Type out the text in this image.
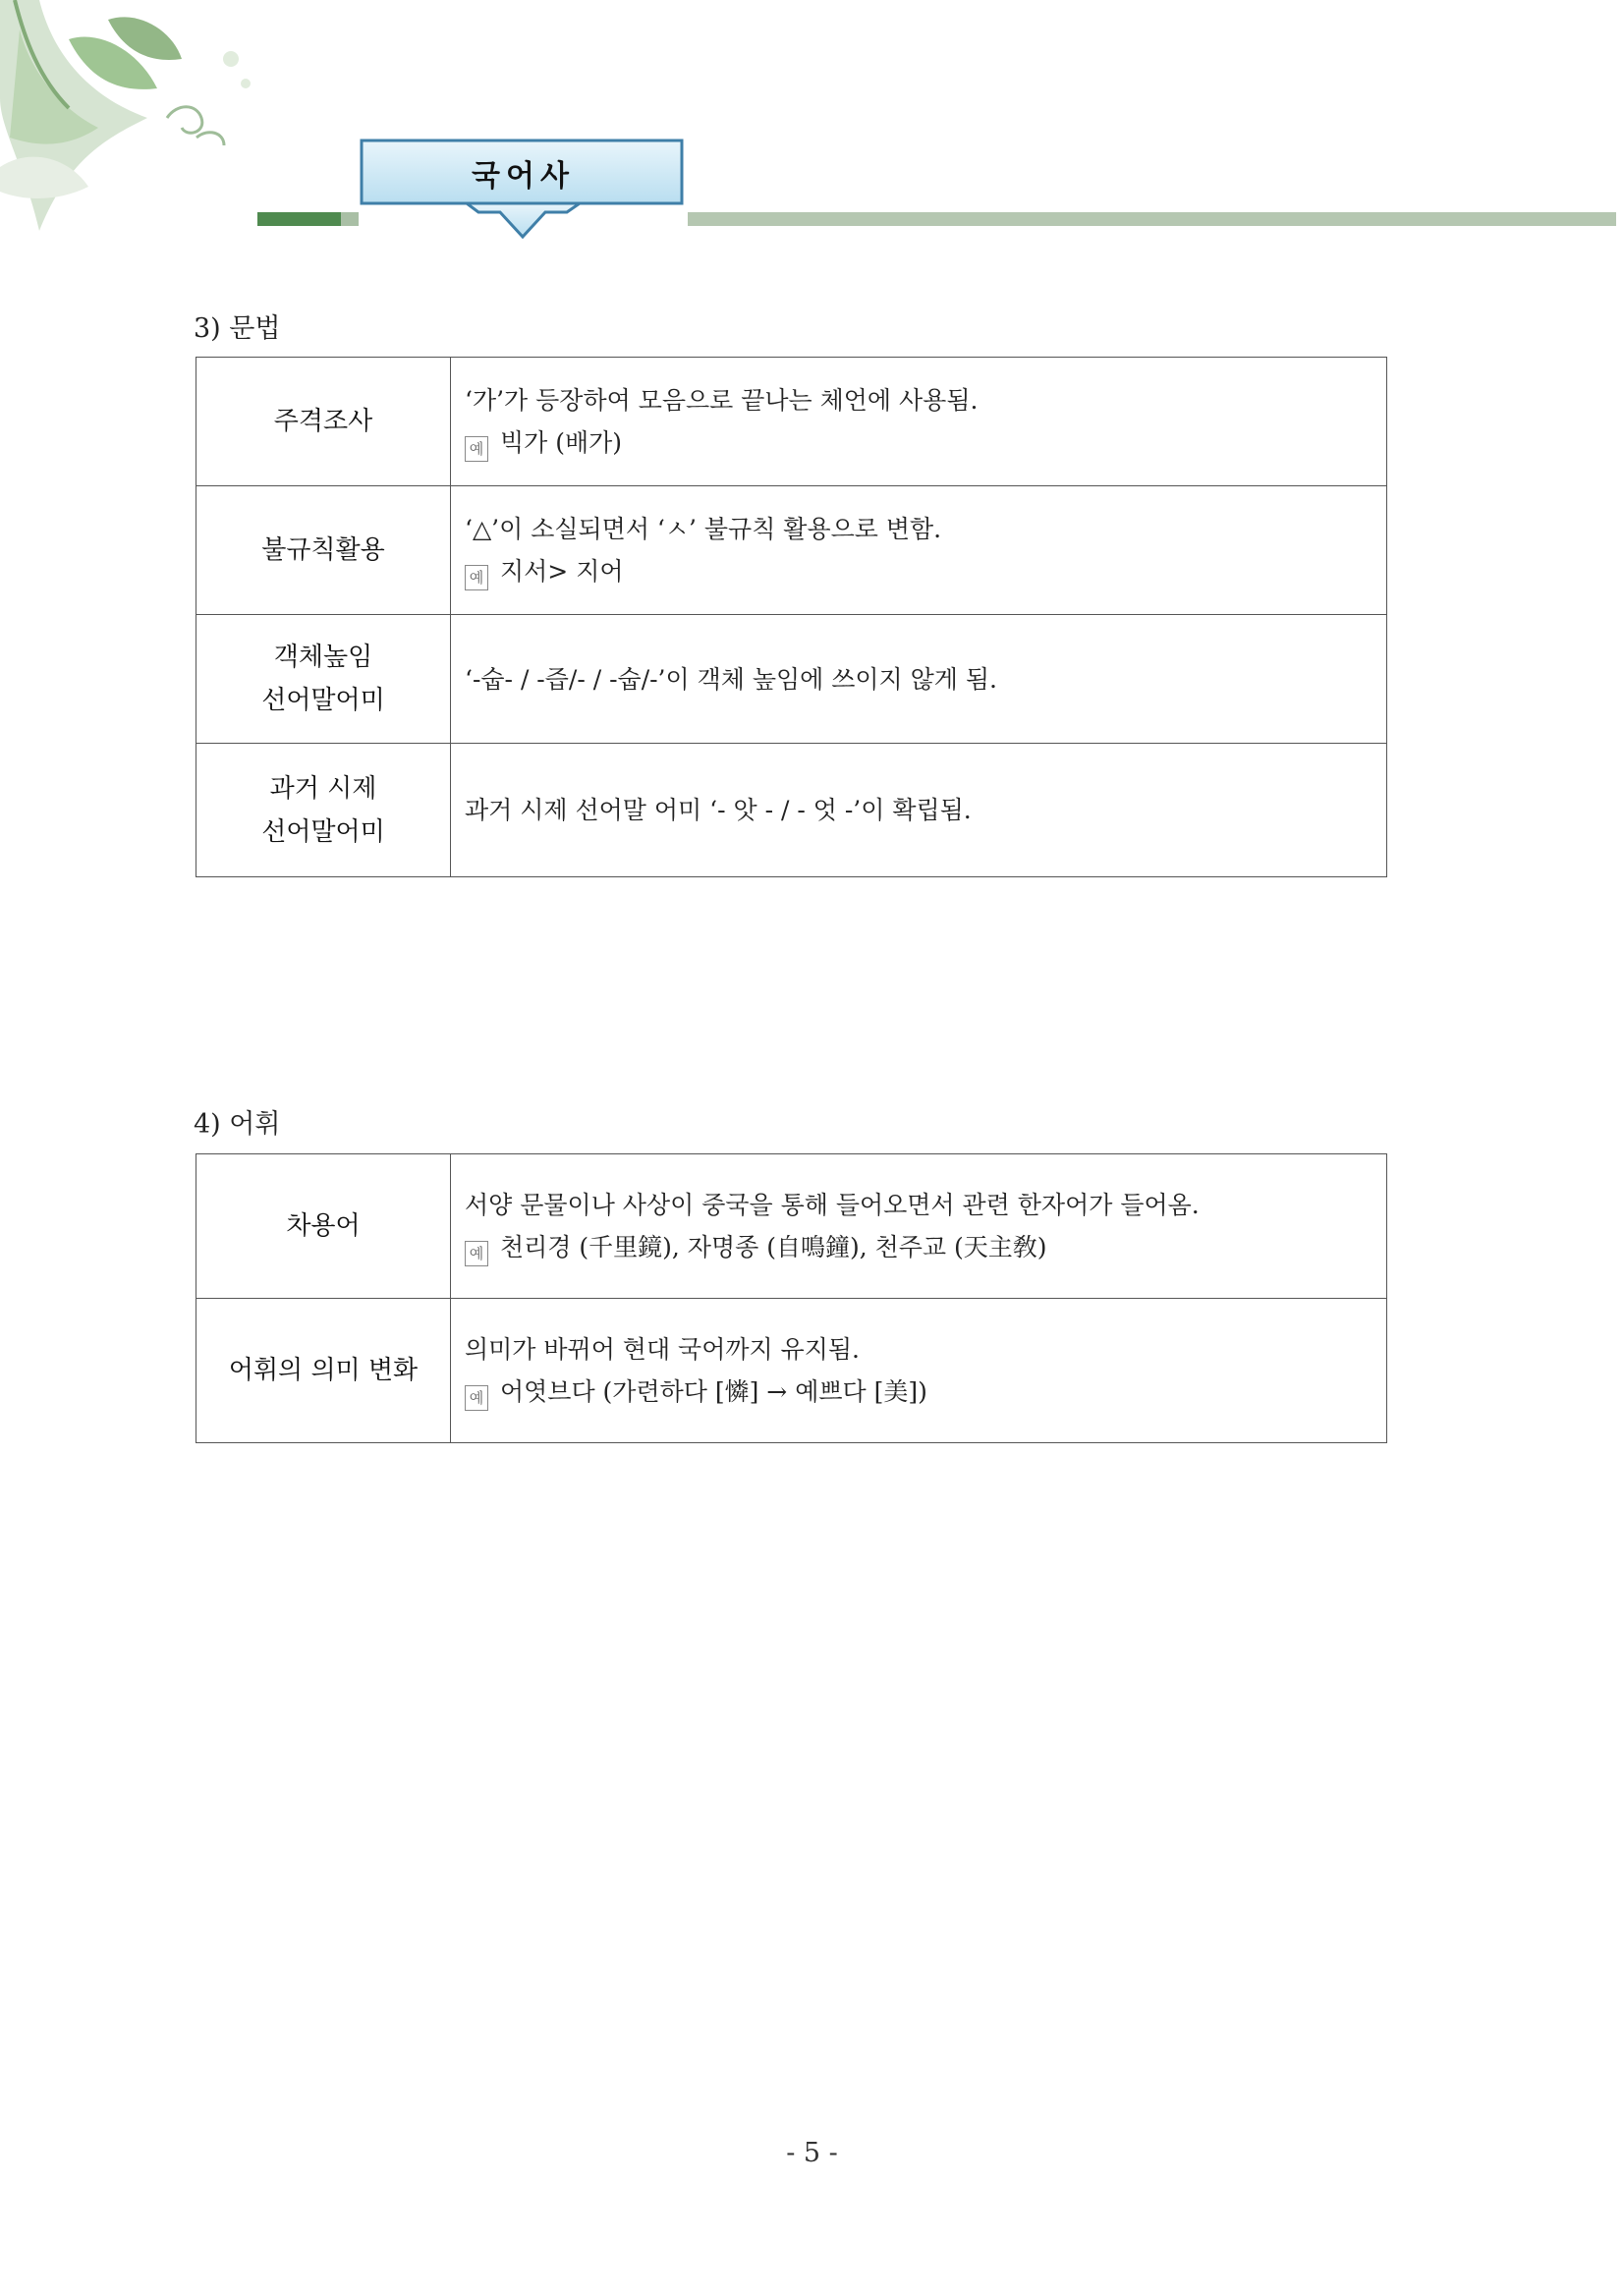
국어사
3) 문법
주격조사	‘가’가 등장하여 모음으로 끝나는 체언에 사용됨.
예 빅가 (배가)

불규칙활용	‘△’이 소실되면서 ‘ㅅ’ 불규칙 활용으로 변함.
예 지서> 지어

객체높임
선어말어미	‘-숩- / -즙/- / -숩/-’이 객체 높임에 쓰이지 않게 됨.

과거 시제
선어말어미	과거 시제 선어말 어미 ‘- 앗 - / - 엇 -’이 확립됨.
4) 어휘
차용어	서양 문물이나 사상이 중국을 통해 들어오면서 관련 한자어가 들어옴.
예 천리경 (千里鏡), 자명종 (自鳴鐘), 천주교 (天主敎)

어휘의 의미 변화	의미가 바뀌어 현대 국어까지 유지됨.
예 어엿브다 (가련하다 [憐] → 예쁘다 [美])
- 5 -
